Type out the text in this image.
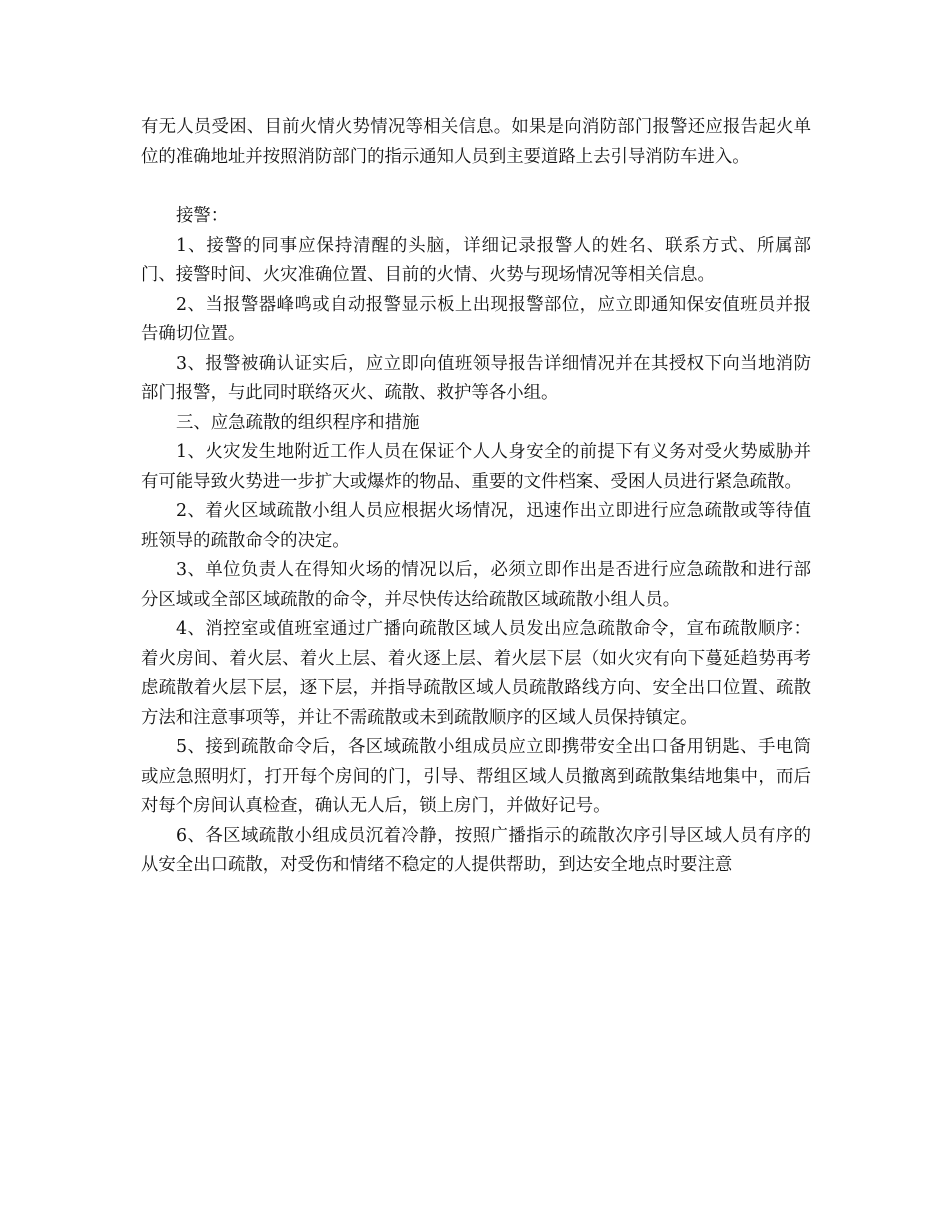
有无人员受困、目前火情火势情况等相关信息。如果是向消防部门报警还应报告起火单位的准确地址并按照消防部门的指示通知人员到主要道路上去引导消防车进入。

接警：

1、接警的同事应保持清醒的头脑，详细记录报警人的姓名、联系方式、所属部门、接警时间、火灾准确位置、目前的火情、火势与现场情况等相关信息。

2、当报警器峰鸣或自动报警显示板上出现报警部位，应立即通知保安值班员并报告确切位置。

3、报警被确认证实后，应立即向值班领导报告详细情况并在其授权下向当地消防部门报警，与此同时联络灭火、疏散、救护等各小组。

三、应急疏散的组织程序和措施

1、火灾发生地附近工作人员在保证个人人身安全的前提下有义务对受火势威胁并有可能导致火势进一步扩大或爆炸的物品、重要的文件档案、受困人员进行紧急疏散。

2、着火区域疏散小组人员应根据火场情况，迅速作出立即进行应急疏散或等待值班领导的疏散命令的决定。

3、单位负责人在得知火场的情况以后，必须立即作出是否进行应急疏散和进行部分区域或全部区域疏散的命令，并尽快传达给疏散区域疏散小组人员。

4、消控室或值班室通过广播向疏散区域人员发出应急疏散命令，宣布疏散顺序：着火房间、着火层、着火上层、着火逐上层、着火层下层（如火灾有向下蔓延趋势再考虑疏散着火层下层，逐下层，并指导疏散区域人员疏散路线方向、安全出口位置、疏散方法和注意事项等，并让不需疏散或未到疏散顺序的区域人员保持镇定。

5、接到疏散命令后，各区域疏散小组成员应立即携带安全出口备用钥匙、手电筒或应急照明灯，打开每个房间的门，引导、帮组区域人员撤离到疏散集结地集中，而后对每个房间认真检查，确认无人后，锁上房门，并做好记号。

6、各区域疏散小组成员沉着冷静，按照广播指示的疏散次序引导区域人员有序的从安全出口疏散，对受伤和情绪不稳定的人提供帮助，到达安全地点时要注意
